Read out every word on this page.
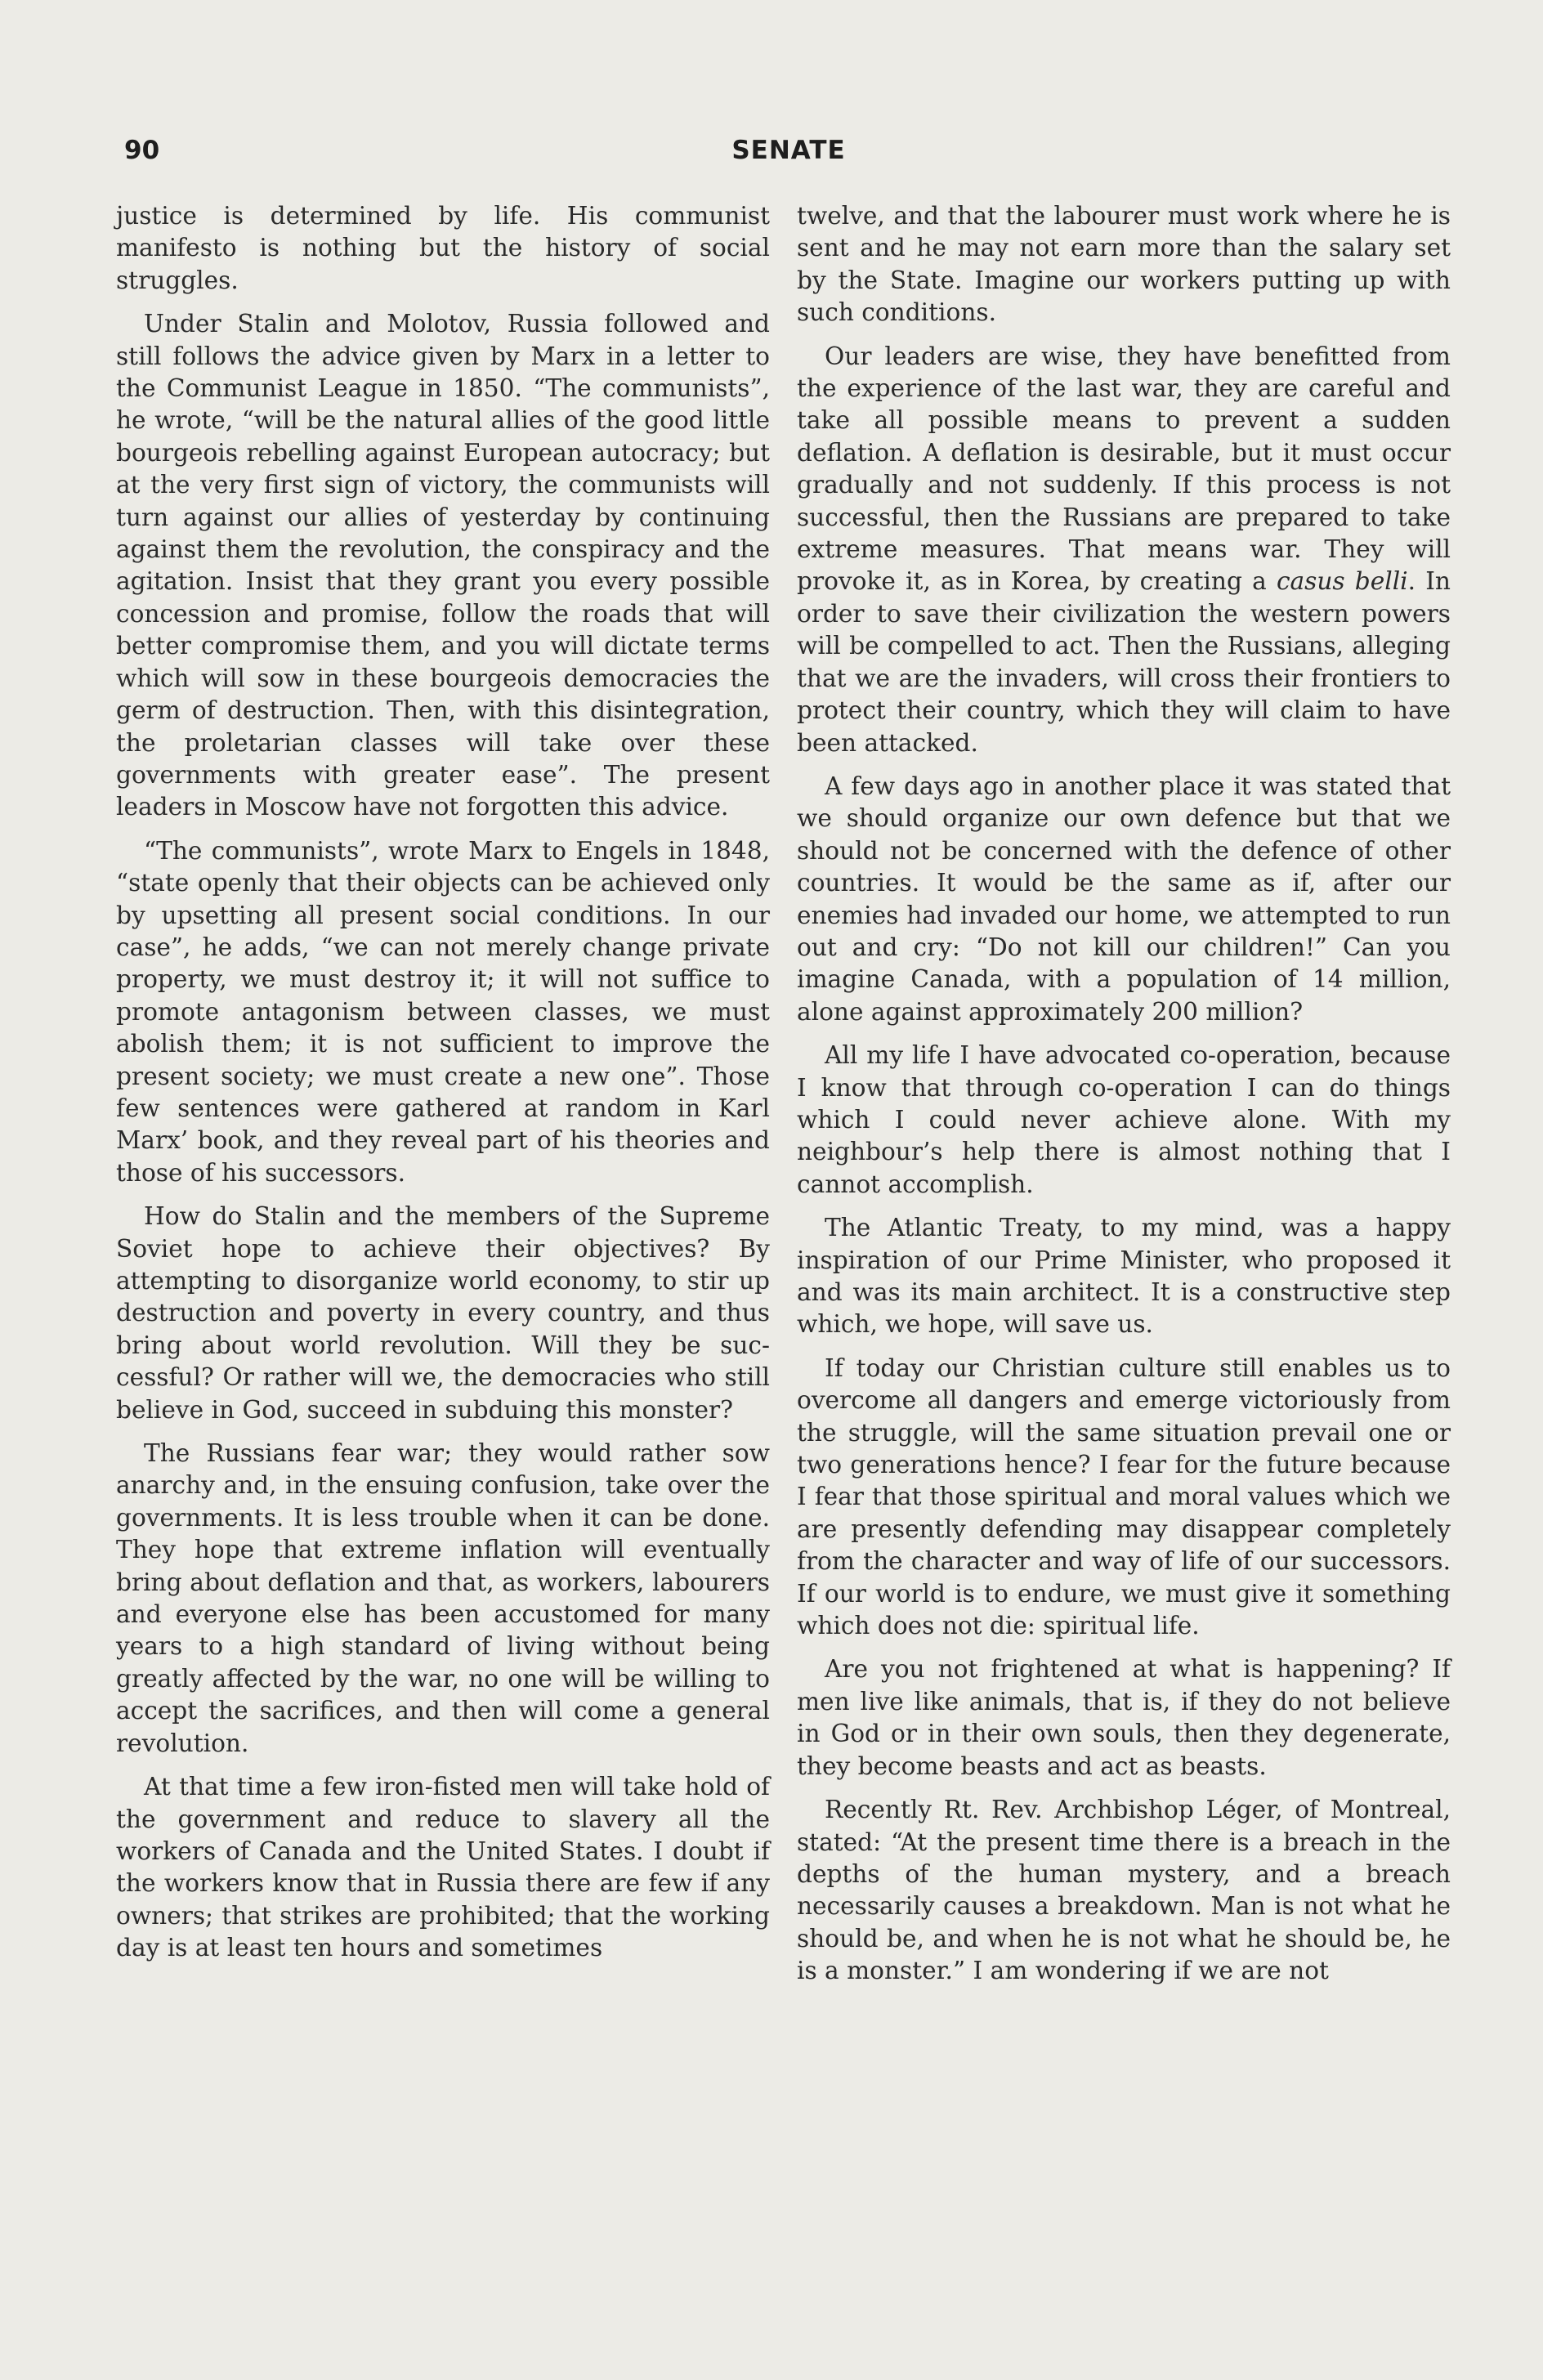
90	SENATE

justice is determined by life. His communist manifesto is nothing but the history of social struggles.

Under Stalin and Molotov, Russia followed and still follows the advice given by Marx in a letter to the Communist League in 1850. “The communists”, he wrote, “will be the natural allies of the good little bourgeois rebelling against European autocracy; but at the very first sign of victory, the communists will turn against our allies of yesterday by continuing against them the revolution, the conspiracy and the agitation. Insist that they grant you every possible concession and promise, follow the roads that will better compromise them, and you will dictate terms which will sow in these bourgeois democracies the germ of destruction. Then, with this disintegration, the proletarian classes will take over these governments with greater ease”. The present leaders in Moscow have not forgotten this advice.

“The communists”, wrote Marx to Engels in 1848, “state openly that their objects can be achieved only by upsetting all present social conditions. In our case”, he adds, “we can not merely change private property, we must destroy it; it will not suffice to promote antagonism between classes, we must abolish them; it is not sufficient to improve the present society; we must create a new one”. Those few sentences were gathered at random in Karl Marx’ book, and they reveal part of his theories and those of his successors.

How do Stalin and the members of the Supreme Soviet hope to achieve their objectives? By attempting to disorganize world economy, to stir up destruction and poverty in every country, and thus bring about world revolution. Will they be successful? Or rather will we, the democracies who still believe in God, succeed in subduing this monster?

The Russians fear war; they would rather sow anarchy and, in the ensuing confusion, take over the governments. It is less trouble when it can be done. They hope that extreme inflation will eventually bring about deflation and that, as workers, labourers and everyone else has been accustomed for many years to a high standard of living without being greatly affected by the war, no one will be willing to accept the sacrifices, and then will come a general revolution.

At that time a few iron-fisted men will take hold of the government and reduce to slavery all the workers of Canada and the United States. I doubt if the workers know that in Russia there are few if any owners; that strikes are prohibited; that the working day is at least ten hours and sometimes

twelve, and that the labourer must work where he is sent and he may not earn more than the salary set by the State. Imagine our workers putting up with such conditions.

Our leaders are wise, they have benefitted from the experience of the last war, they are careful and take all possible means to prevent a sudden deflation. A deflation is desirable, but it must occur gradually and not suddenly. If this process is not successful, then the Russians are prepared to take extreme measures. That means war. They will provoke it, as in Korea, by creating a casus belli. In order to save their civilization the western powers will be compelled to act. Then the Russians, alleging that we are the invaders, will cross their frontiers to protect their country, which they will claim to have been attacked.

A few days ago in another place it was stated that we should organize our own defence but that we should not be concerned with the defence of other countries. It would be the same as if, after our enemies had invaded our home, we attempted to run out and cry: “Do not kill our children!” Can you imagine Canada, with a population of 14 million, alone against approximately 200 million?

All my life I have advocated co-operation, because I know that through co-operation I can do things which I could never achieve alone. With my neighbour’s help there is almost nothing that I cannot accomplish.

The Atlantic Treaty, to my mind, was a happy inspiration of our Prime Minister, who proposed it and was its main architect. It is a constructive step which, we hope, will save us.

If today our Christian culture still enables us to overcome all dangers and emerge victoriously from the struggle, will the same situation prevail one or two generations hence? I fear for the future because I fear that those spiritual and moral values which we are presently defending may disappear completely from the character and way of life of our successors. If our world is to endure, we must give it something which does not die: spiritual life.

Are you not frightened at what is happening? If men live like animals, that is, if they do not believe in God or in their own souls, then they degenerate, they become beasts and act as beasts.

Recently Rt. Rev. Archbishop Léger, of Montreal, stated: “At the present time there is a breach in the depths of the human mystery, and a breach necessarily causes a breakdown. Man is not what he should be, and when he is not what he should be, he is a monster.” I am wondering if we are not
